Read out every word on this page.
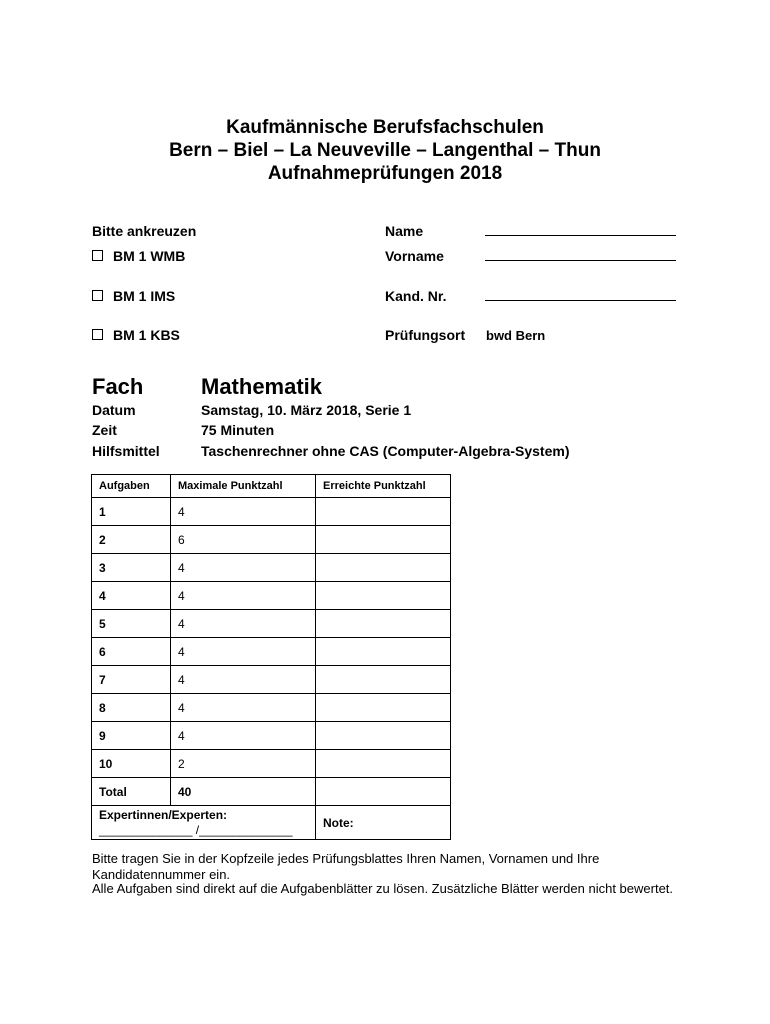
Kaufmännische Berufsfachschulen
Bern – Biel – La Neuveville – Langenthal – Thun
Aufnahmeprüfungen 2018
Bitte ankreuzen
BM 1 WMB
BM 1 IMS
BM 1 KBS
Name
Vorname
Kand. Nr.
Prüfungsort bwd Bern
Fach	Mathematik
Datum	Samstag, 10. März 2018, Serie 1
Zeit	75 Minuten
Hilfsmittel	Taschenrechner ohne CAS (Computer-Algebra-System)
Aufgaben	Maximale Punktzahl	Erreichte Punktzahl
1	4	
2	6	
3	4	
4	4	
5	4	
6	4	
7	4	
8	4	
9	4	
10	2	
Total	40	

Expertinnen/Experten:
______________ /______________		Note:
Bitte tragen Sie in der Kopfzeile jedes Prüfungsblattes Ihren Namen, Vornamen und Ihre Kandidatennummer ein.
Alle Aufgaben sind direkt auf die Aufgabenblätter zu lösen. Zusätzliche Blätter werden nicht bewertet.
